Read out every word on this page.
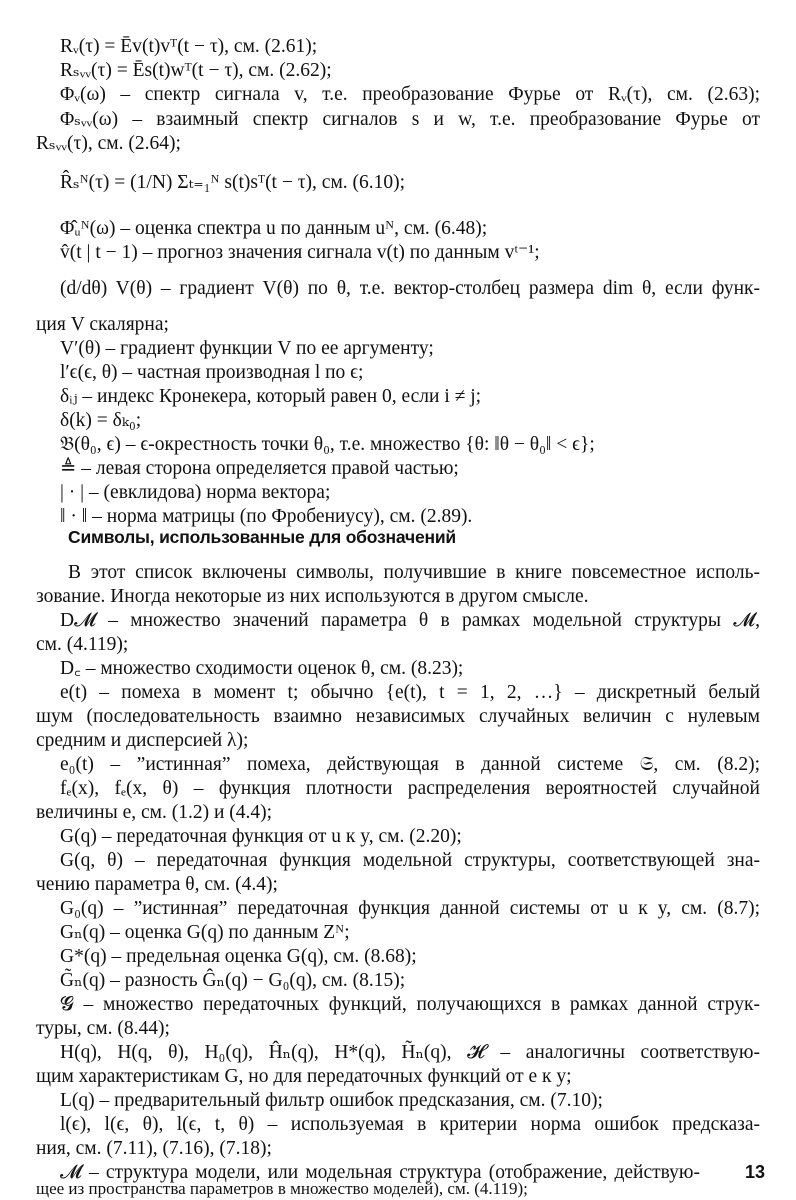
Rᵥ(τ) = Ēv(t)vᵀ(t − τ), см. (2.61);
Rₛᵥᵥ(τ) = Ēs(t)wᵀ(t − τ), см. (2.62);
Φᵥ(ω) – спектр сигнала v, т.е. преобразование Фурье от Rᵥ(τ), см. (2.63);
Φₛᵥᵥ(ω) – взаимный спектр сигналов s и w, т.е. преобразование Фурье от
Rₛᵥᵥ(τ), см. (2.64);
R̂ₛᴺ(τ) = (1/N) Σₜ₌₁ᴺ s(t)sᵀ(t − τ), см. (6.10);
Φ̂ᵤᴺ(ω) – оценка спектра u по данным uᴺ, см. (6.48);
v̂(t | t − 1) – прогноз значения сигнала v(t) по данным vᵗ⁻¹;
(d/dθ) V(θ) – градиент V(θ) по θ, т.е. вектор-столбец размера dim θ, если функ-
ция V скалярна;
V′(θ) – градиент функции V по ее аргументу;
l′ϵ(ϵ, θ) – частная производная l по ϵ;
δᵢⱼ – индекс Кронекера, который равен 0, если i ≠ j;
δ(k) = δₖ₀;
𝔅(θ₀, ϵ) – ϵ-окрестность точки θ₀, т.е. множество {θ: ‖θ − θ₀‖ < ϵ};
≜ – левая сторона определяется правой частью;
| · | – (евклидова) норма вектора;
‖ · ‖ – норма матрицы (по Фробениусу), см. (2.89).
Символы, использованные для обозначений
В этот список включены символы, получившие в книге повсеместное исполь-
зование. Иногда некоторые из них используются в другом смысле.
D𝓜 – множество значений параметра θ в рамках модельной структуры 𝓜,
см. (4.119);
D꜀ – множество сходимости оценок θ, см. (8.23);
e(t) – помеха в момент t; обычно {e(t), t = 1, 2, …} – дискретный белый
шум (последовательность взаимно независимых случайных величин с нулевым
средним и дисперсией λ);
e₀(t) – ”истинная” помеха, действующая в данной системе 𝔖, см. (8.2);
fₑ(x), fₑ(x, θ) – функция плотности распределения вероятностей случайной
величины e, см. (1.2) и (4.4);
G(q) – передаточная функция от u к y, см. (2.20);
G(q, θ) – передаточная функция модельной структуры, соответствующей зна-
чению параметра θ, см. (4.4);
G₀(q) – ”истинная” передаточная функция данной системы от u к y, см. (8.7);
Gₙ(q) – оценка G(q) по данным Zᴺ;
G*(q) – предельная оценка G(q), см. (8.68);
G̃ₙ(q) – разность Ĝₙ(q) − G₀(q), см. (8.15);
𝓖 – множество передаточных функций, получающихся в рамках данной струк-
туры, см. (8.44);
H(q), H(q, θ), H₀(q), Ĥₙ(q), H*(q), H̃ₙ(q), 𝓗 – аналогичны соответствую-
щим характеристикам G, но для передаточных функций от e к y;
L(q) – предварительный фильтр ошибок предсказания, см. (7.10);
l(ϵ), l(ϵ, θ), l(ϵ, t, θ) – используемая в критерии норма ошибок предсказа-
ния, см. (7.11), (7.16), (7.18);
𝓜 – структура модели, или модельная структура (отображение, действую-
щее из пространства параметров в множество моделей), см. (4.119);
13
